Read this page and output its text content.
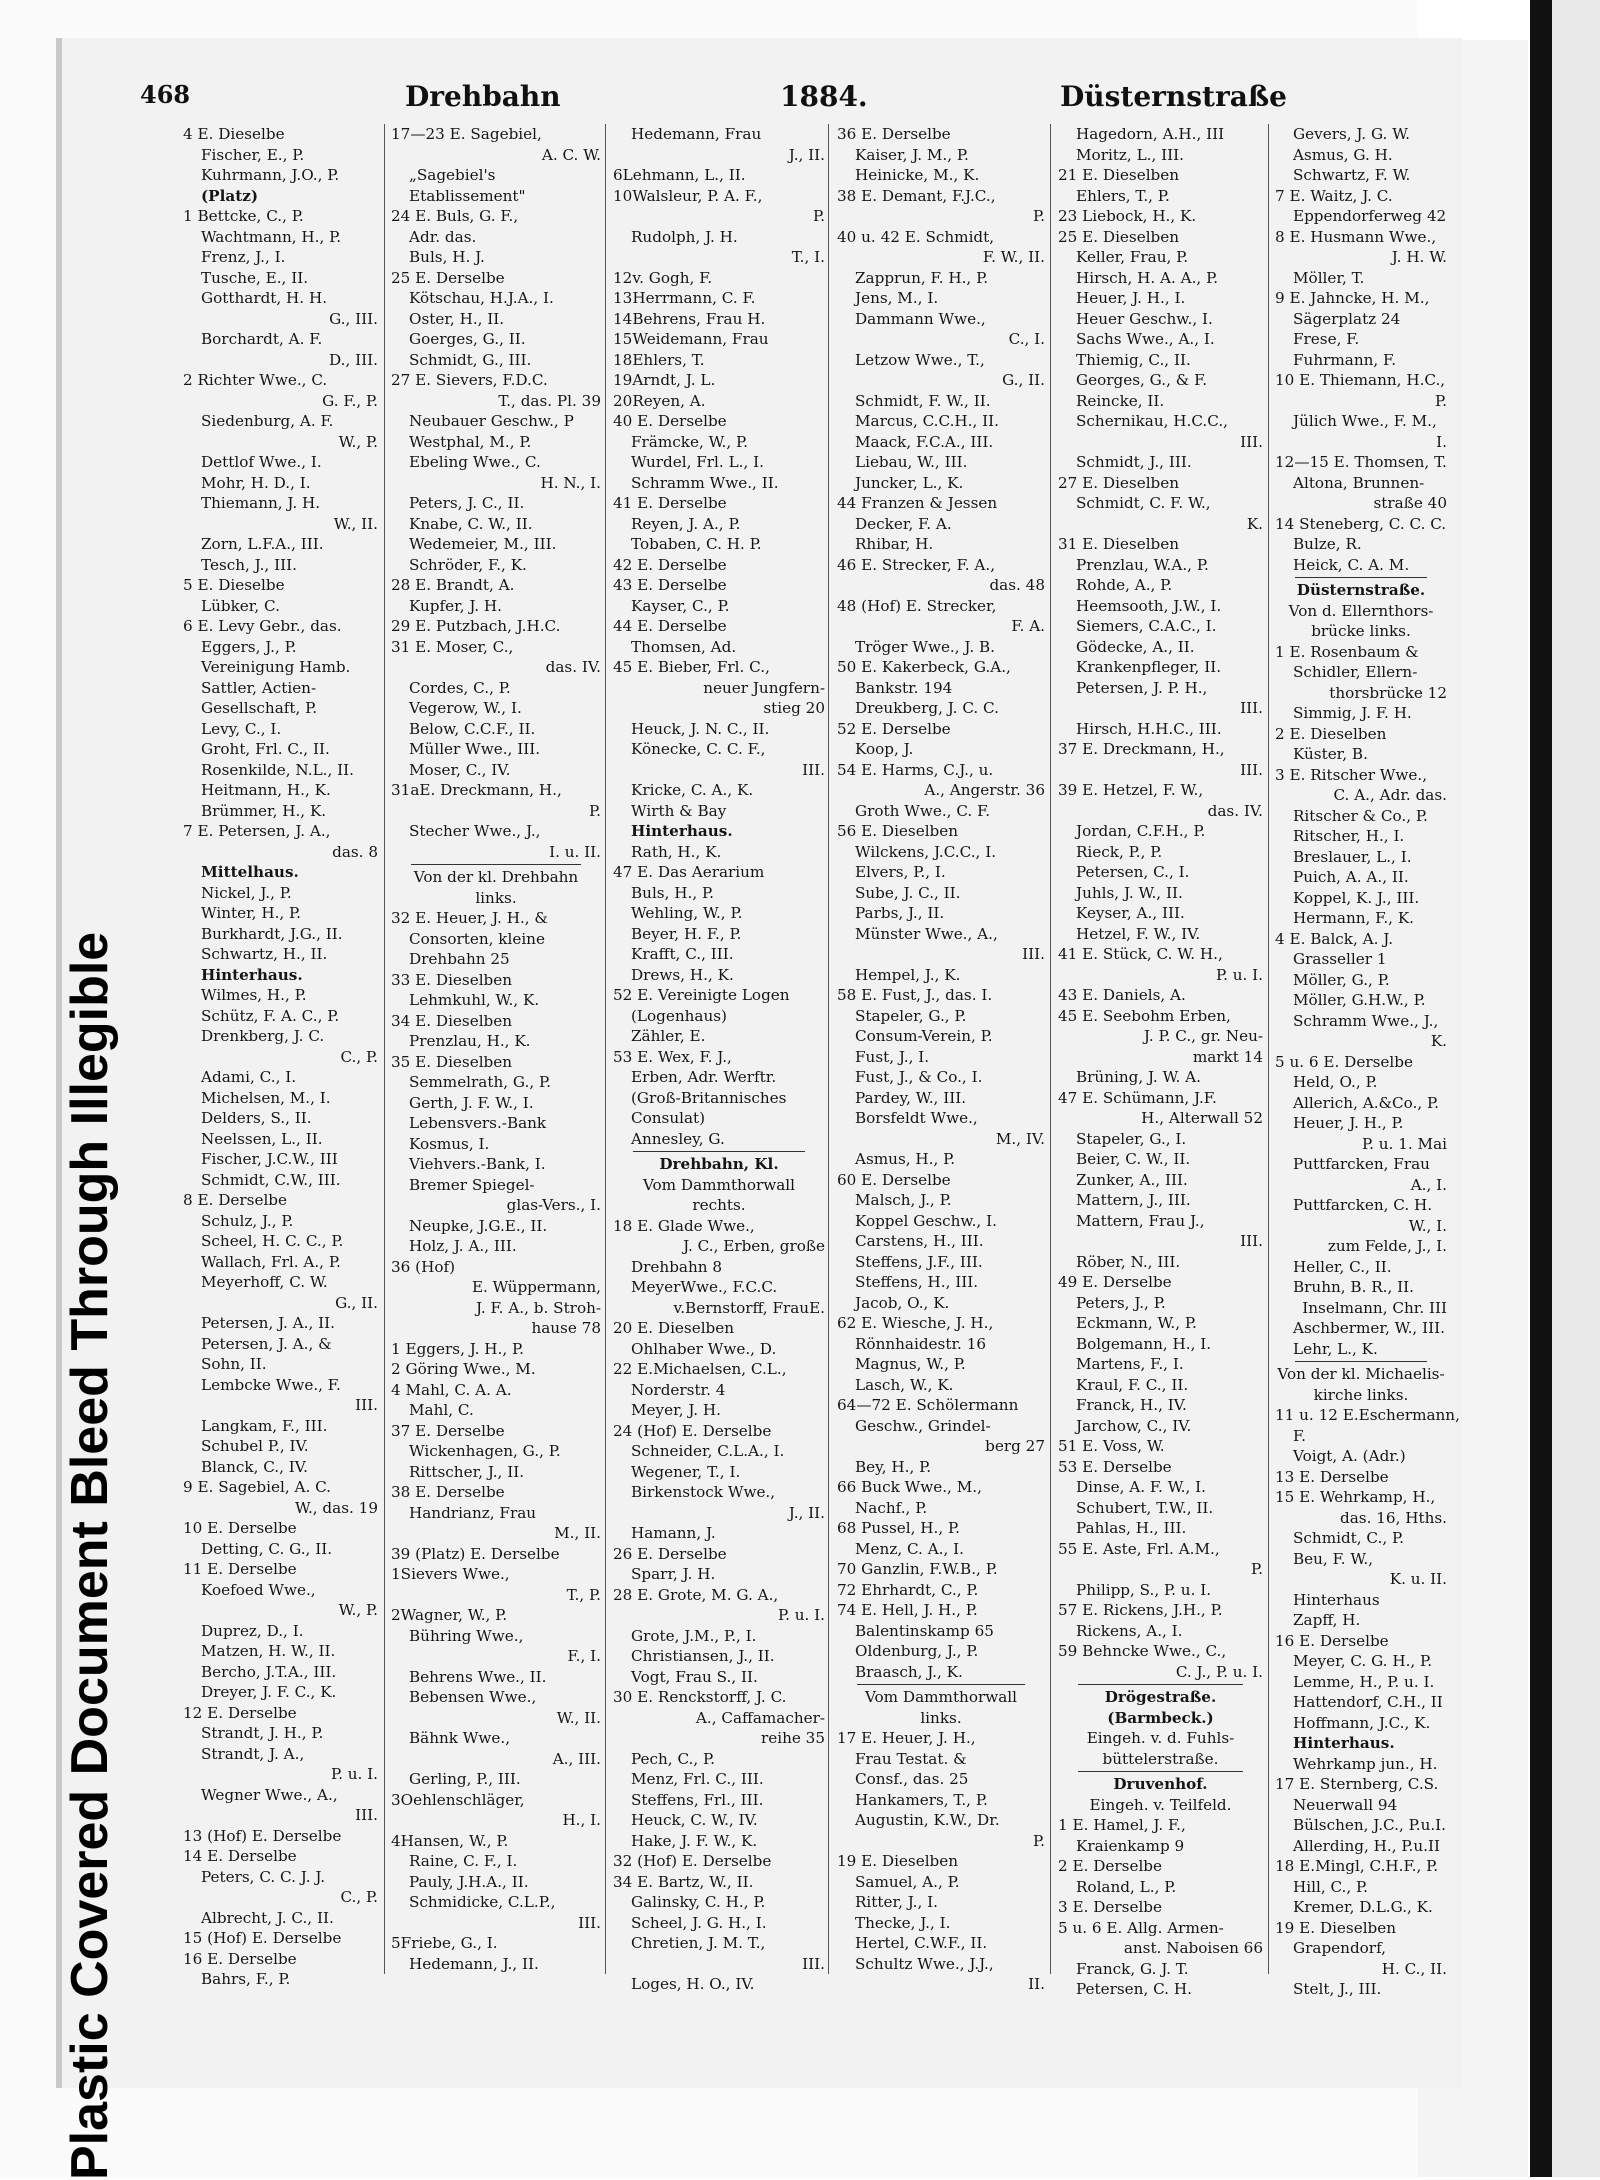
Plastic Covered Document Bleed Through Illegible
468	Drehbahn	1884.	Düsternstraße
4 E. Dieselbe
Fischer, E., P.
Kuhrmann, J.O., P.
(Platz)
1 Bettcke, C., P.
Wachtmann, H., P.
Frenz, J., I.
Tusche, E., II.
Gotthardt, H. H.
G., III.
Borchardt, A. F.
D., III.
2 Richter Wwe., C.
G. F., P.
Siedenburg, A. F.
W., P.
Dettlof Wwe., I.
Mohr, H. D., I.
Thiemann, J. H.
W., II.
Zorn, L.F.A., III.
Tesch, J., III.
5 E. Dieselbe
Lübker, C.
6 E. Levy Gebr., das.
Eggers, J., P.
Vereinigung Hamb.
Sattler, Actien-
Gesellschaft, P.
Levy, C., I.
Groht, Frl. C., II.
Rosenkilde, N.L., II.
Heitmann, H., K.
Brümmer, H., K.
7 E. Petersen, J. A.,
das. 8
Mittelhaus.
Nickel, J., P.
Winter, H., P.
Burkhardt, J.G., II.
Schwartz, H., II.
Hinterhaus.
Wilmes, H., P.
Schütz, F. A. C., P.
Drenkberg, J. C.
C., P.
Adami, C., I.
Michelsen, M., I.
Delders, S., II.
Neelssen, L., II.
Fischer, J.C.W., III
Schmidt, C.W., III.
8 E. Derselbe
Schulz, J., P.
Scheel, H. C. C., P.
Wallach, Frl. A., P.
Meyerhoff, C. W.
G., II.
Petersen, J. A., II.
Petersen, J. A., &
Sohn, II.
Lembcke Wwe., F.
III.
Langkam, F., III.
Schubel P., IV.
Blanck, C., IV.
9 E. Sagebiel, A. C.
W., das. 19
10 E. Derselbe
Detting, C. G., II.
11 E. Derselbe
Koefoed Wwe.,
W., P.
Duprez, D., I.
Matzen, H. W., II.
Bercho, J.T.A., III.
Dreyer, J. F. C., K.
12 E. Derselbe
Strandt, J. H., P.
Strandt, J. A.,
P. u. I.
Wegner Wwe., A.,
III.
13 (Hof) E. Derselbe
14 E. Derselbe
Peters, C. C. J. J.
C., P.
Albrecht, J. C., II.
15 (Hof) E. Derselbe
16 E. Derselbe
Bahrs, F., P.
17—23 E. Sagebiel,
A. C. W.
„Sagebiel's
Etablissement"
24 E. Buls, G. F.,
Adr. das.
Buls, H. J.
25 E. Derselbe
Kötschau, H.J.A., I.
Oster, H., II.
Goerges, G., II.
Schmidt, G., III.
27 E. Sievers, F.D.C.
T., das. Pl. 39
Neubauer Geschw., P
Westphal, M., P.
Ebeling Wwe., C.
H. N., I.
Peters, J. C., II.
Knabe, C. W., II.
Wedemeier, M., III.
Schröder, F., K.
28 E. Brandt, A.
Kupfer, J. H.
29 E. Putzbach, J.H.C.
31 E. Moser, C.,
das. IV.
Cordes, C., P.
Vegerow, W., I.
Below, C.C.F., II.
Müller Wwe., III.
Moser, C., IV.
31aE. Dreckmann, H.,
P.
Stecher Wwe., J.,
I. u. II.
Von der kl. Drehbahn
links.
32 E. Heuer, J. H., &
Consorten, kleine
Drehbahn 25
33 E. Dieselben
Lehmkuhl, W., K.
34 E. Dieselben
Prenzlau, H., K.
35 E. Dieselben
Semmelrath, G., P.
Gerth, J. F. W., I.
Lebensvers.-Bank
Kosmus, I.
Viehvers.-Bank, I.
Bremer Spiegel-
glas-Vers., I.
Neupke, J.G.E., II.
Holz, J. A., III.
36 (Hof)
E. Wüppermann,
J. F. A., b. Stroh-
hause 78
1 Eggers, J. H., P.
2 Göring Wwe., M.
4 Mahl, C. A. A.
Mahl, C.
37 E. Derselbe
Wickenhagen, G., P.
Rittscher, J., II.
38 E. Derselbe
Handrianz, Frau
M., II.
39 (Platz) E. Derselbe
1Sievers Wwe.,
T., P.
2Wagner, W., P.
Bühring Wwe.,
F., I.
Behrens Wwe., II.
Bebensen Wwe.,
W., II.
Bähnk Wwe.,
A., III.
Gerling, P., III.
3Oehlenschläger,
H., I.
4Hansen, W., P.
Raine, C. F., I.
Pauly, J.H.A., II.
Schmidicke, C.L.P.,
III.
5Friebe, G., I.
Hedemann, J., II.
Hedemann, Frau
J., II.
6Lehmann, L., II.
10Walsleur, P. A. F.,
P.
Rudolph, J. H.
T., I.
12v. Gogh, F.
13Herrmann, C. F.
14Behrens, Frau H.
15Weidemann, Frau
18Ehlers, T.
19Arndt, J. L.
20Reyen, A.
40 E. Derselbe
Främcke, W., P.
Wurdel, Frl. L., I.
Schramm Wwe., II.
41 E. Derselbe
Reyen, J. A., P.
Tobaben, C. H. P.
42 E. Derselbe
43 E. Derselbe
Kayser, C., P.
44 E. Derselbe
Thomsen, Ad.
45 E. Bieber, Frl. C.,
neuer Jungfern-
stieg 20
Heuck, J. N. C., II.
Könecke, C. C. F.,
III.
Kricke, C. A., K.
Wirth & Bay
Hinterhaus.
Rath, H., K.
47 E. Das Aerarium
Buls, H., P.
Wehling, W., P.
Beyer, H. F., P.
Krafft, C., III.
Drews, H., K.
52 E. Vereinigte Logen
(Logenhaus)
Zähler, E.
53 E. Wex, F. J.,
Erben, Adr. Werftr.
(Groß-Britannisches
Consulat)
Annesley, G.
Drehbahn, Kl.
Vom Dammthorwall
rechts.
18 E. Glade Wwe.,
J. C., Erben, große
Drehbahn 8
MeyerWwe., F.C.C.
v.Bernstorff, FrauE.
20 E. Dieselben
Ohlhaber Wwe., D.
22 E.Michaelsen, C.L.,
Norderstr. 4
Meyer, J. H.
24 (Hof) E. Derselbe
Schneider, C.L.A., I.
Wegener, T., I.
Birkenstock Wwe.,
J., II.
Hamann, J.
26 E. Derselbe
Sparr, J. H.
28 E. Grote, M. G. A.,
P. u. I.
Grote, J.M., P., I.
Christiansen, J., II.
Vogt, Frau S., II.
30 E. Renckstorff, J. C.
A., Caffamacher-
reihe 35
Pech, C., P.
Menz, Frl. C., III.
Steffens, Frl., III.
Heuck, C. W., IV.
Hake, J. F. W., K.
32 (Hof) E. Derselbe
34 E. Bartz, W., II.
Galinsky, C. H., P.
Scheel, J. G. H., I.
Chretien, J. M. T.,
III.
Loges, H. O., IV.
36 E. Derselbe
Kaiser, J. M., P.
Heinicke, M., K.
38 E. Demant, F.J.C.,
P.
40 u. 42 E. Schmidt,
F. W., II.
Zapprun, F. H., P.
Jens, M., I.
Dammann Wwe.,
C., I.
Letzow Wwe., T.,
G., II.
Schmidt, F. W., II.
Marcus, C.C.H., II.
Maack, F.C.A., III.
Liebau, W., III.
Juncker, L., K.
44 Franzen & Jessen
Decker, F. A.
Rhibar, H.
46 E. Strecker, F. A.,
das. 48
48 (Hof) E. Strecker,
F. A.
Tröger Wwe., J. B.
50 E. Kakerbeck, G.A.,
Bankstr. 194
Dreukberg, J. C. C.
52 E. Derselbe
Koop, J.
54 E. Harms, C.J., u.
A., Angerstr. 36
Groth Wwe., C. F.
56 E. Dieselben
Wilckens, J.C.C., I.
Elvers, P., I.
Sube, J. C., II.
Parbs, J., II.
Münster Wwe., A.,
III.
Hempel, J., K.
58 E. Fust, J., das. I.
Stapeler, G., P.
Consum-Verein, P.
Fust, J., I.
Fust, J., & Co., I.
Pardey, W., III.
Borsfeldt Wwe.,
M., IV.
Asmus, H., P.
60 E. Derselbe
Malsch, J., P.
Koppel Geschw., I.
Carstens, H., III.
Steffens, J.F., III.
Steffens, H., III.
Jacob, O., K.
62 E. Wiesche, J. H.,
Rönnhaidestr. 16
Magnus, W., P.
Lasch, W., K.
64—72 E. Schölermann
Geschw., Grindel-
berg 27
Bey, H., P.
66 Buck Wwe., M.,
Nachf., P.
68 Pussel, H., P.
Menz, C. A., I.
70 Ganzlin, F.W.B., P.
72 Ehrhardt, C., P.
74 E. Hell, J. H., P.
Balentinskamp 65
Oldenburg, J., P.
Braasch, J., K.
Vom Dammthorwall
links.
17 E. Heuer, J. H.,
Frau Testat. &
Consf., das. 25
Hankamers, T., P.
Augustin, K.W., Dr.
P.
19 E. Dieselben
Samuel, A., P.
Ritter, J., I.
Thecke, J., I.
Hertel, C.W.F., II.
Schultz Wwe., J.J.,
II.
Hagedorn, A.H., III
Moritz, L., III.
21 E. Dieselben
Ehlers, T., P.
23 Liebock, H., K.
25 E. Dieselben
Keller, Frau, P.
Hirsch, H. A. A., P.
Heuer, J. H., I.
Heuer Geschw., I.
Sachs Wwe., A., I.
Thiemig, C., II.
Georges, G., & F.
Reincke, II.
Schernikau, H.C.C.,
III.
Schmidt, J., III.
27 E. Dieselben
Schmidt, C. F. W.,
K.
31 E. Dieselben
Prenzlau, W.A., P.
Rohde, A., P.
Heemsooth, J.W., I.
Siemers, C.A.C., I.
Gödecke, A., II.
Krankenpfleger, II.
Petersen, J. P. H.,
III.
Hirsch, H.H.C., III.
37 E. Dreckmann, H.,
III.
39 E. Hetzel, F. W.,
das. IV.
Jordan, C.F.H., P.
Rieck, P., P.
Petersen, C., I.
Juhls, J. W., II.
Keyser, A., III.
Hetzel, F. W., IV.
41 E. Stück, C. W. H.,
P. u. I.
43 E. Daniels, A.
45 E. Seebohm Erben,
J. P. C., gr. Neu-
markt 14
Brüning, J. W. A.
47 E. Schümann, J.F.
H., Alterwall 52
Stapeler, G., I.
Beier, C. W., II.
Zunker, A., III.
Mattern, J., III.
Mattern, Frau J.,
III.
Röber, N., III.
49 E. Derselbe
Peters, J., P.
Eckmann, W., P.
Bolgemann, H., I.
Martens, F., I.
Kraul, F. C., II.
Franck, H., IV.
Jarchow, C., IV.
51 E. Voss, W.
53 E. Derselbe
Dinse, A. F. W., I.
Schubert, T.W., II.
Pahlas, H., III.
55 E. Aste, Frl. A.M.,
P.
Philipp, S., P. u. I.
57 E. Rickens, J.H., P.
Rickens, A., I.
59 Behncke Wwe., C.,
C. J., P. u. I.
Drögestraße.
(Barmbeck.)
Eingeh. v. d. Fuhls-
büttelerstraße.
Druvenhof.
Eingeh. v. Teilfeld.
1 E. Hamel, J. F.,
Kraienkamp 9
2 E. Derselbe
Roland, L., P.
3 E. Derselbe
5 u. 6 E. Allg. Armen-
anst. Naboisen 66
Franck, G. J. T.
Petersen, C. H.
Gevers, J. G. W.
Asmus, G. H.
Schwartz, F. W.
7 E. Waitz, J. C.
Eppendorferweg 42
8 E. Husmann Wwe.,
J. H. W.
Möller, T.
9 E. Jahncke, H. M.,
Sägerplatz 24
Frese, F.
Fuhrmann, F.
10 E. Thiemann, H.C.,
P.
Jülich Wwe., F. M.,
I.
12—15 E. Thomsen, T.
Altona, Brunnen-
straße 40
14 Steneberg, C. C. C.
Bulze, R.
Heick, C. A. M.
Düsternstraße.
Von d. Ellernthors-
brücke links.
1 E. Rosenbaum &
Schidler, Ellern-
thorsbrücke 12
Simmig, J. F. H.
2 E. Dieselben
Küster, B.
3 E. Ritscher Wwe.,
C. A., Adr. das.
Ritscher & Co., P.
Ritscher, H., I.
Breslauer, L., I.
Puich, A. A., II.
Koppel, K. J., III.
Hermann, F., K.
4 E. Balck, A. J.
Grasseller 1
Möller, G., P.
Möller, G.H.W., P.
Schramm Wwe., J.,
K.
5 u. 6 E. Derselbe
Held, O., P.
Allerich, A.&Co., P.
Heuer, J. H., P.
P. u. 1. Mai
Puttfarcken, Frau
A., I.
Puttfarcken, C. H.
W., I.
zum Felde, J., I.
Heller, C., II.
Bruhn, B. R., II.
Inselmann, Chr. III
Aschbermer, W., III.
Lehr, L., K.
Von der kl. Michaelis-
kirche links.
11 u. 12 E.Eschermann,
F.
Voigt, A. (Adr.)
13 E. Derselbe
15 E. Wehrkamp, H.,
das. 16, Hths.
Schmidt, C., P.
Beu, F. W.,
K. u. II.
Hinterhaus
Zapff, H.
16 E. Derselbe
Meyer, C. G. H., P.
Lemme, H., P. u. I.
Hattendorf, C.H., II
Hoffmann, J.C., K.
Hinterhaus.
Wehrkamp jun., H.
17 E. Sternberg, C.S.
Neuerwall 94
Bülschen, J.C., P.u.I.
Allerding, H., P.u.II
18 E.Mingl, C.H.F., P.
Hill, C., P.
Kremer, D.L.G., K.
19 E. Dieselben
Grapendorf,
H. C., II.
Stelt, J., III.
